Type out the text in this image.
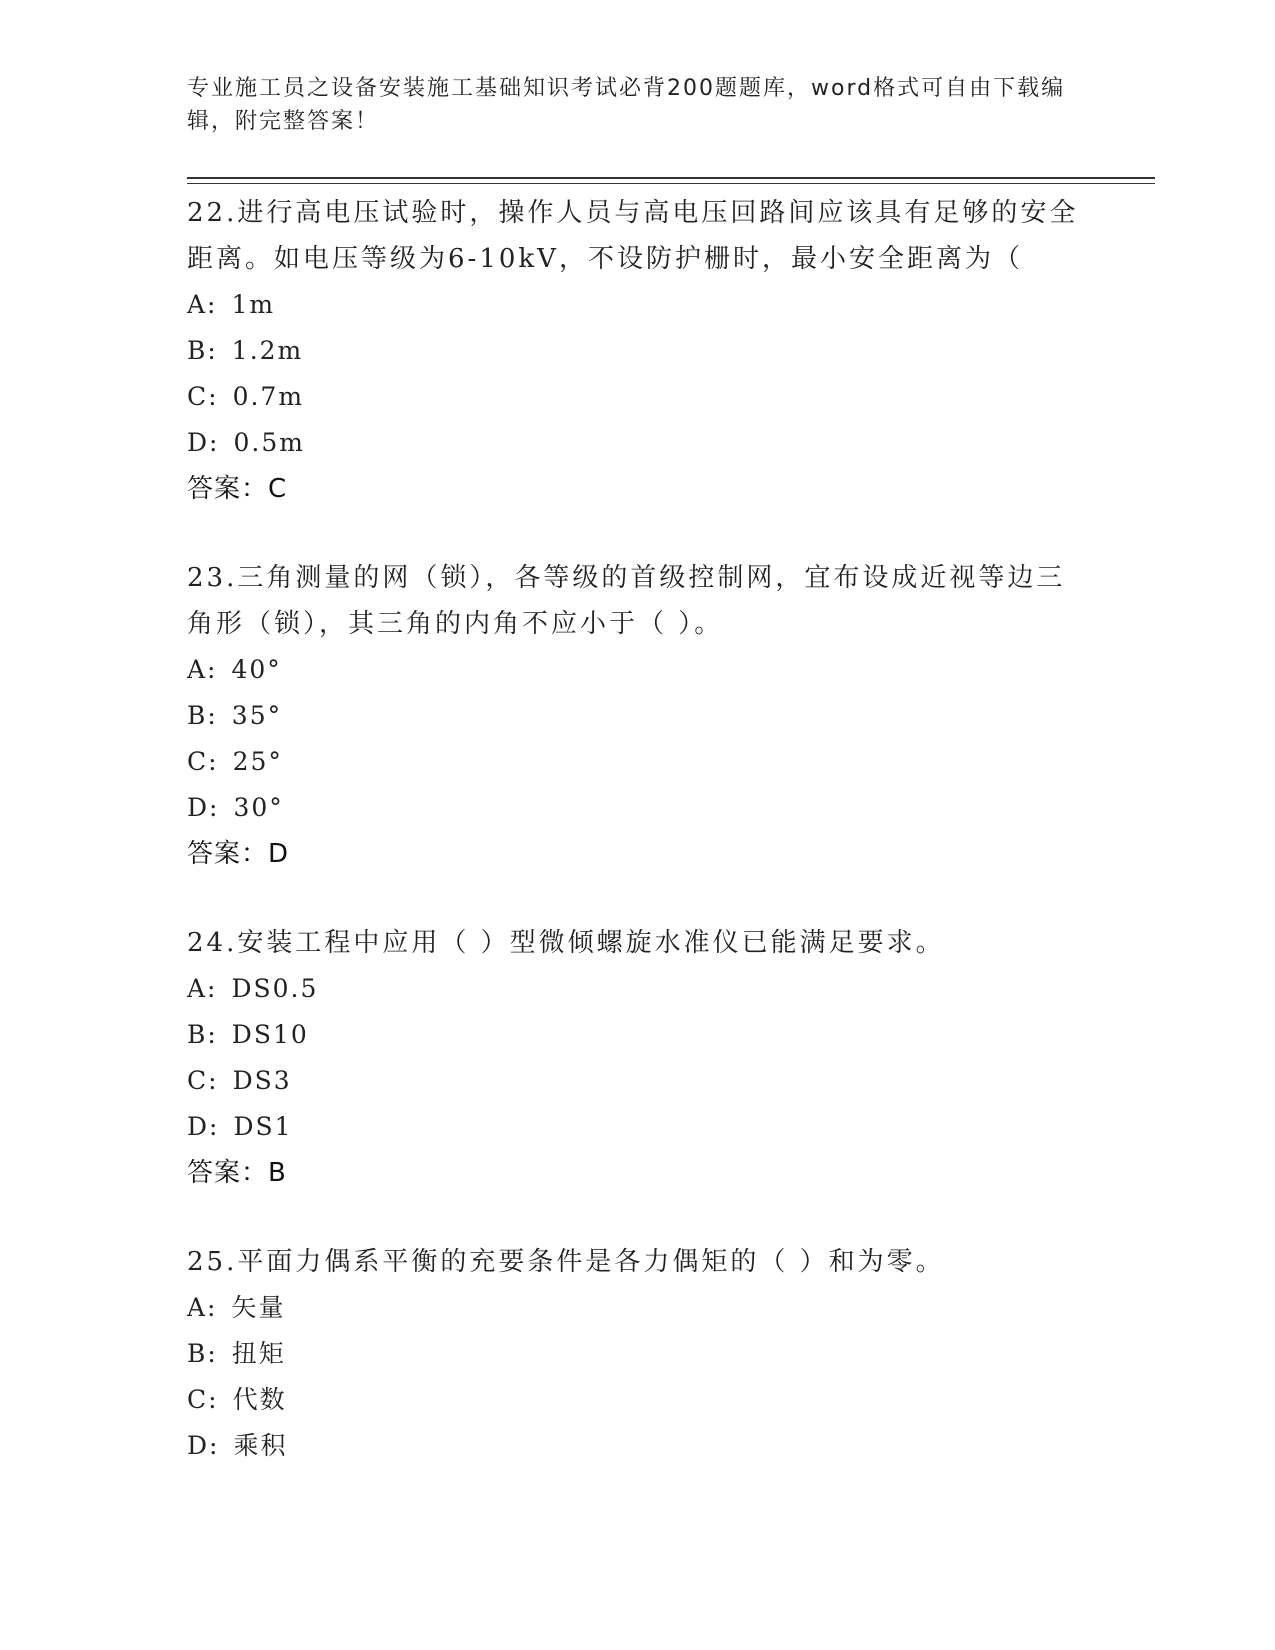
专业施工员之设备安装施工基础知识考试必背200题题库，word格式可自由下载编辑，附完整答案！
22.进行高电压试验时，操作人员与高电压回路间应该具有足够的安全距离。如电压等级为6-10kV，不设防护栅时，最小安全距离为（
A: 1m
B: 1.2m
C: 0.7m
D: 0.5m
答案：C
23.三角测量的网（锁），各等级的首级控制网，宜布设成近视等边三角形（锁），其三角的内角不应小于（ ）。
A: 40°
B: 35°
C: 25°
D: 30°
答案：D
24.安装工程中应用（ ）型微倾螺旋水准仪已能满足要求。
A: DS0.5
B: DS10
C: DS3
D: DS1
答案：B
25.平面力偶系平衡的充要条件是各力偶矩的（ ）和为零。
A: 矢量
B: 扭矩
C: 代数
D: 乘积
